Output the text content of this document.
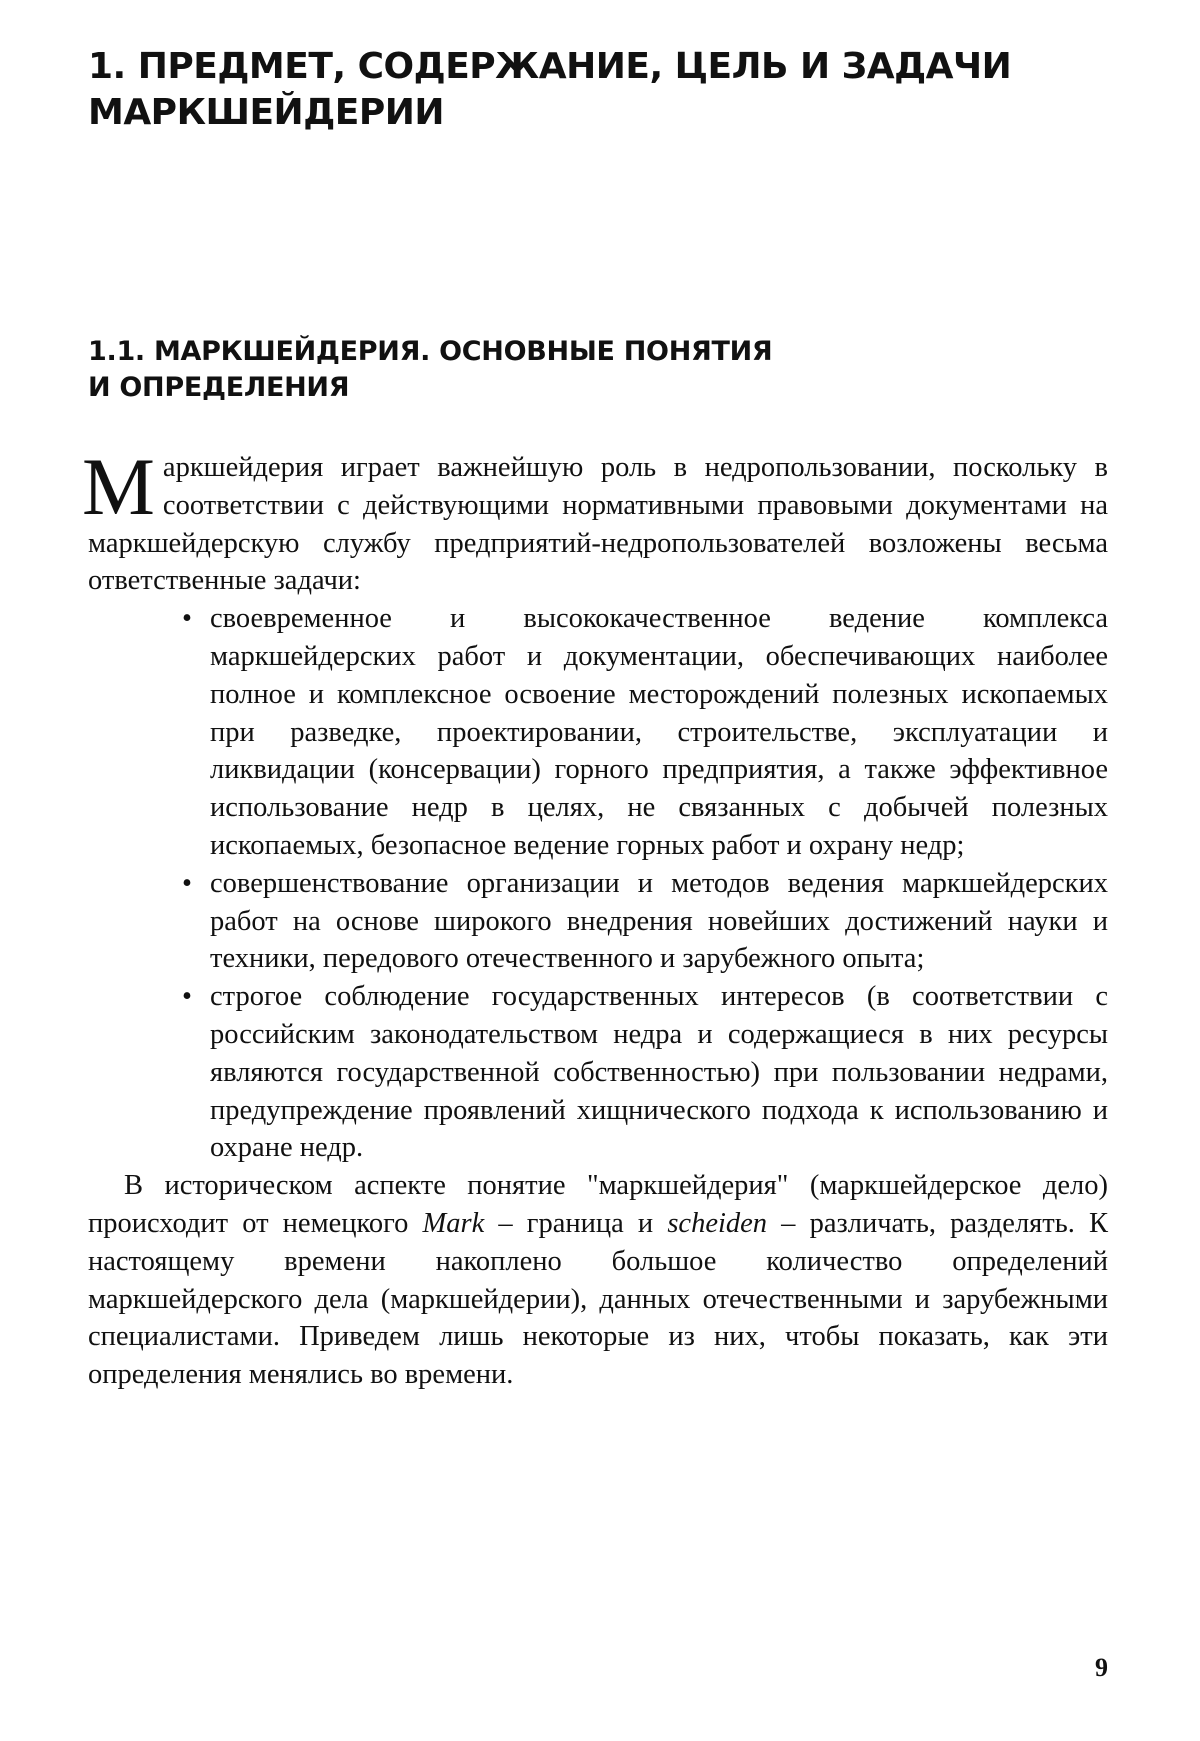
1. ПРЕДМЕТ, СОДЕРЖАНИЕ, ЦЕЛЬ И ЗАДАЧИ МАРКШЕЙДЕРИИ
1.1. МАРКШЕЙДЕРИЯ. ОСНОВНЫЕ ПОНЯТИЯ
И ОПРЕДЕЛЕНИЯ

Маркшейдерия играет важнейшую роль в недропользовании, поскольку в соответствии с действующими нормативными правовыми документами на маркшейдерскую службу предприятий-недропользователей возложены весьма ответственные задачи:

• своевременное и высококачественное ведение комплекса маркшейдерских работ и документации, обеспечивающих наиболее полное и комплексное освоение месторождений полезных ископаемых при разведке, проектировании, строительстве, эксплуатации и ликвидации (консервации) горного предприятия, а также эффективное использование недр в целях, не связанных с добычей полезных ископаемых, безопасное ведение горных работ и охрану недр;
• совершенствование организации и методов ведения маркшейдерских работ на основе широкого внедрения новейших достижений науки и техники, передового отечественного и зарубежного опыта;
• строгое соблюдение государственных интересов (в соответствии с российским законодательством недра и содержащиеся в них ресурсы являются государственной собственностью) при пользовании недрами, предупреждение проявлений хищнического подхода к использованию и охране недр.

В историческом аспекте понятие "маркшейдерия" (маркшейдерское дело) происходит от немецкого Mark – граница и scheiden – различать, разделять. К настоящему времени накоплено большое количество определений маркшейдерского дела (маркшейдерии), данных отечественными и зарубежными специалистами. Приведем лишь некоторые из них, чтобы показать, как эти определения менялись во времени.

9
